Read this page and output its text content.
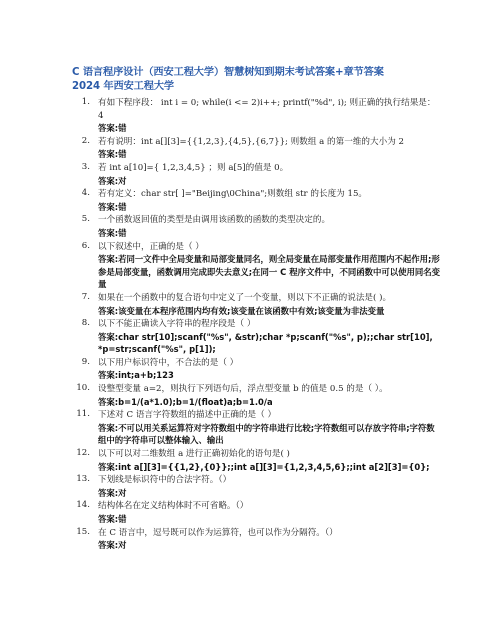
C 语言程序设计（西安工程大学）智慧树知到期末考试答案+章节答案
2024 年西安工程大学
1. 有如下程序段： int i = 0; while(i <= 2)i++; printf("%d", i); 则正确的执行结果是：4
答案:错
2. 若有说明：int a[][3]={{1,2,3},{4,5},{6,7}}; 则数组 a 的第一维的大小为 2
答案:错
3. 若 int a[10]={ 1,2,3,4,5} ；则 a[5]的值是 0。
答案:对
4. 若有定义：char str[ ]="Beijing\0China";则数组 str 的长度为 15。
答案:错
5. 一个函数返回值的类型是由调用该函数的函数的类型决定的。
答案:错
6. 以下叙述中，正确的是（ ）
答案:若同一文件中全局变量和局部变量同名，则全局变量在局部变量作用范围内不起作用;形参是局部变量，函数调用完成即失去意义;在同一 C 程序文件中，不同函数中可以使用同名变量
7. 如果在一个函数中的复合语句中定义了一个变量，则以下不正确的说法是( )。
答案:该变量在本程序范围内均有效;该变量在该函数中有效;该变量为非法变量
8. 以下不能正确读入字符串的程序段是（ ）
答案:char str[10];scanf("%s", &str);char *p;scanf("%s", p);;char str[10], *p=str;scanf("%s", p[1]);
9. 以下用户标识符中，不合法的是（ ）
答案:int;a+b;123
10. 设整型变量 a=2，则执行下列语句后，浮点型变量 b 的值是 0.5 的是（ ）。
答案:b=1/(a*1.0);b=1/(float)a;b=1.0/a
11. 下述对 C 语言字符数组的描述中正确的是（ ）
答案:不可以用关系运算符对字符数组中的字符串进行比较;字符数组可以存放字符串;字符数组中的字符串可以整体输入、输出
12. 以下可以对二维数组 a 进行正确初始化的语句是( )
答案:int a[][3]={{1,2},{0}};;int a[][3]={1,2,3,4,5,6};;int a[2][3]={0};
13. 下划线是标识符中的合法字符。（）
答案:对
14. 结构体名在定义结构体时不可省略。（）
答案:错
15. 在 C 语言中，逗号既可以作为运算符，也可以作为分隔符。（）
答案:对
